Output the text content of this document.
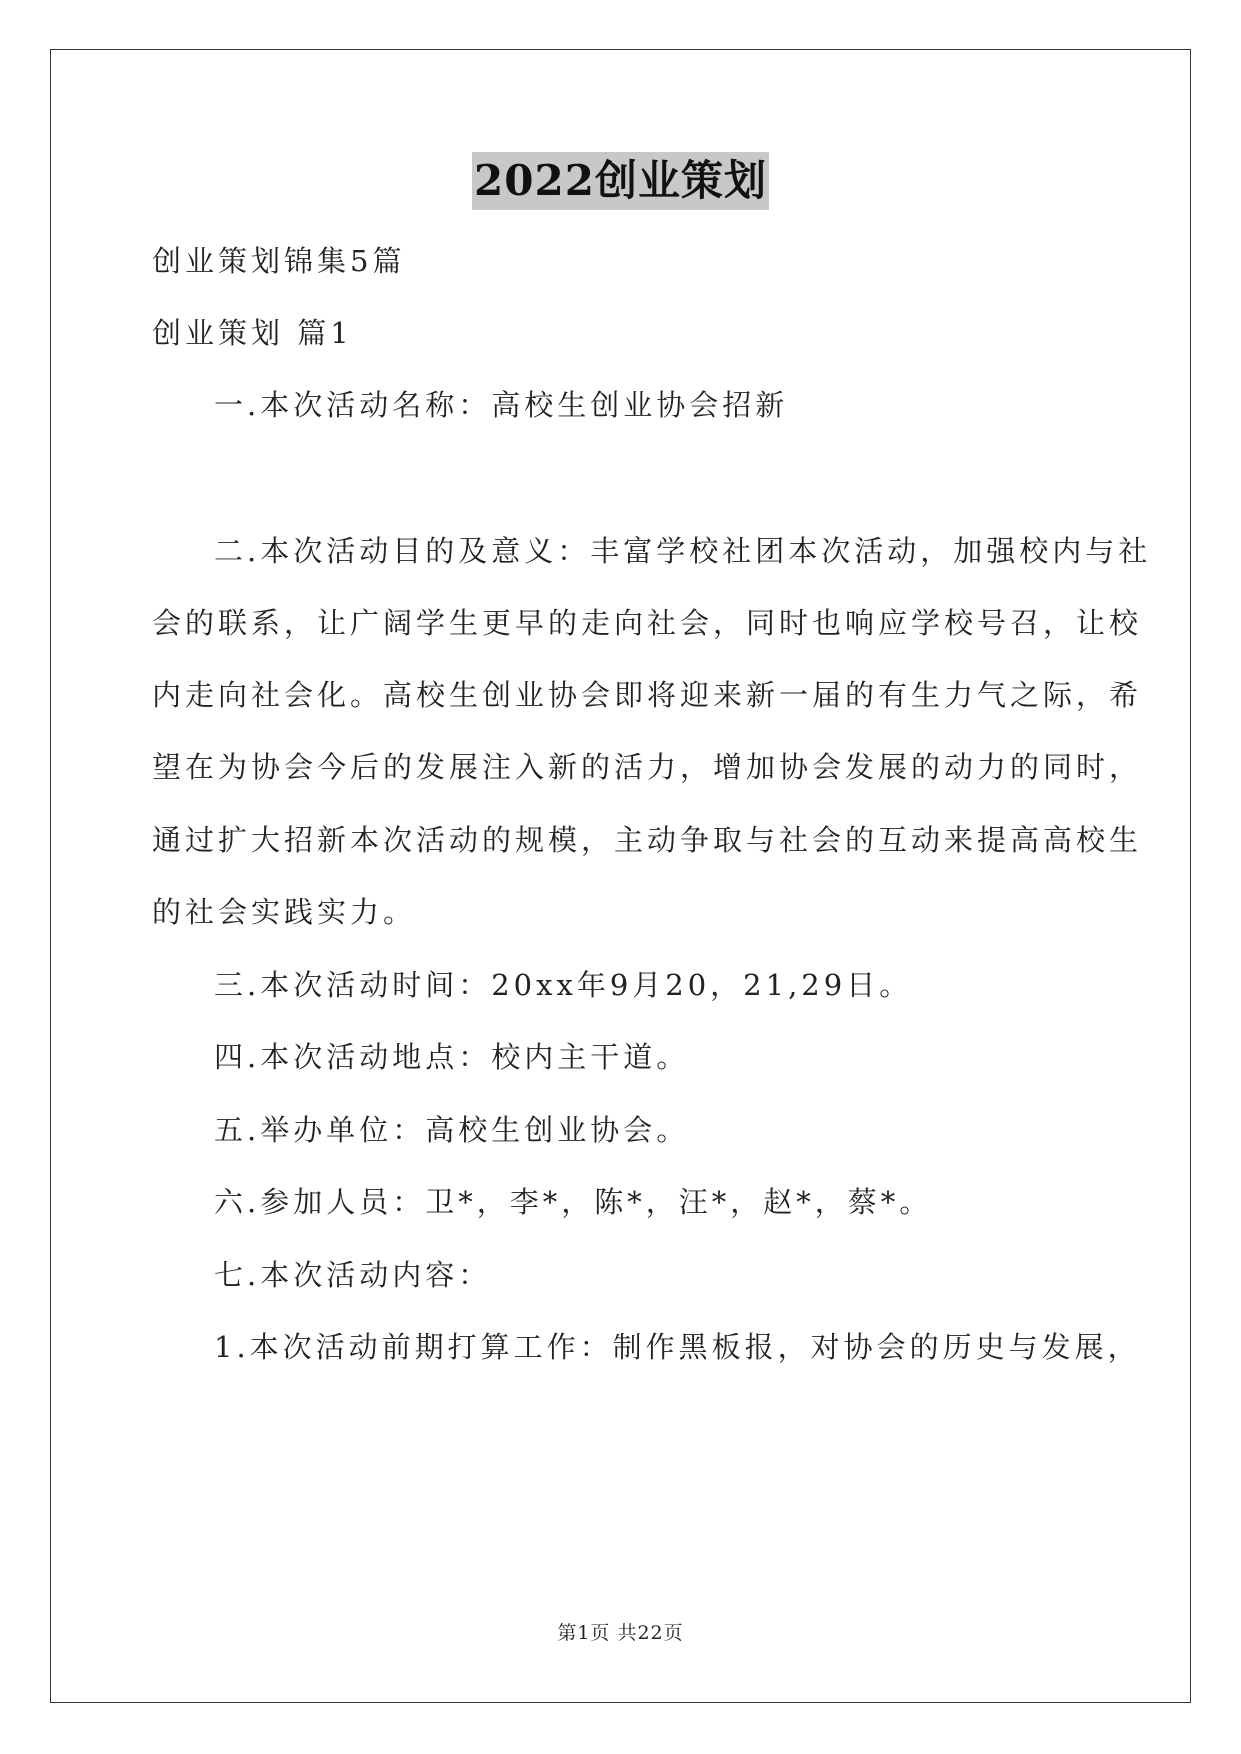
2022创业策划
创业策划锦集5篇
创业策划 篇1
一.本次活动名称：高校生创业协会招新
二.本次活动目的及意义：丰富学校社团本次活动，加强校内与社
会的联系，让广阔学生更早的走向社会，同时也响应学校号召，让校
内走向社会化。高校生创业协会即将迎来新一届的有生力气之际，希
望在为协会今后的发展注入新的活力，增加协会发展的动力的同时，
通过扩大招新本次活动的规模，主动争取与社会的互动来提高高校生
的社会实践实力。
三.本次活动时间：20xx年9月20，21,29日。
四.本次活动地点：校内主干道。
五.举办单位：高校生创业协会。
六.参加人员：卫*，李*，陈*，汪*，赵*，蔡*。
七.本次活动内容：
1.本次活动前期打算工作：制作黑板报，对协会的历史与发展，
第1页 共22页
